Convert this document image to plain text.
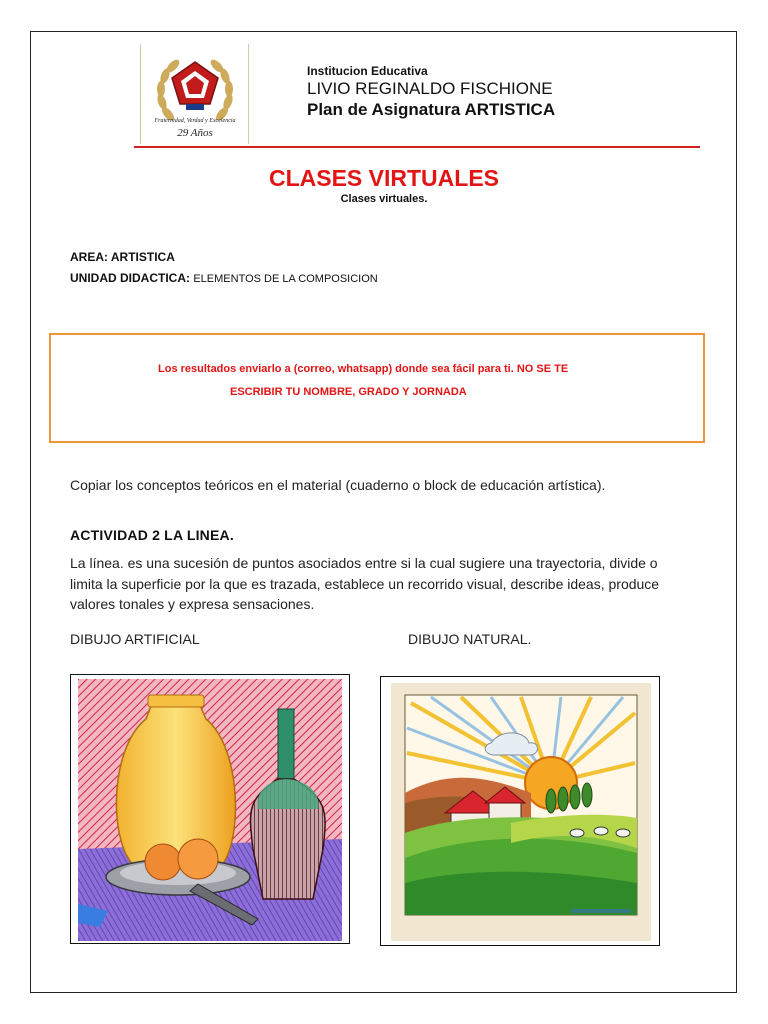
Fraternidad, Verdad y Excelencia
29 Años
Institucion Educativa
LIVIO REGINALDO FISCHIONE
Plan de Asignatura ARTISTICA
CLASES VIRTUALES
Clases virtuales.
AREA: ARTISTICA
UNIDAD DIDACTICA: ELEMENTOS DE LA COMPOSICION
Los resultados enviarlo a (correo, whatsapp) donde sea fácil para ti. NO SE TE
ESCRIBIR TU NOMBRE, GRADO Y JORNADA
Copiar los conceptos teóricos en el material (cuaderno o block de educación artística).
ACTIVIDAD 2 LA LINEA.
La línea. es una sucesión de puntos asociados entre si la cual sugiere una trayectoria, divide o limita la superficie por la que es trazada, establece un recorrido visual, describe ideas, produce valores tonales y expresa sensaciones.
DIBUJO ARTIFICIAL	DIBUJO NATURAL.
